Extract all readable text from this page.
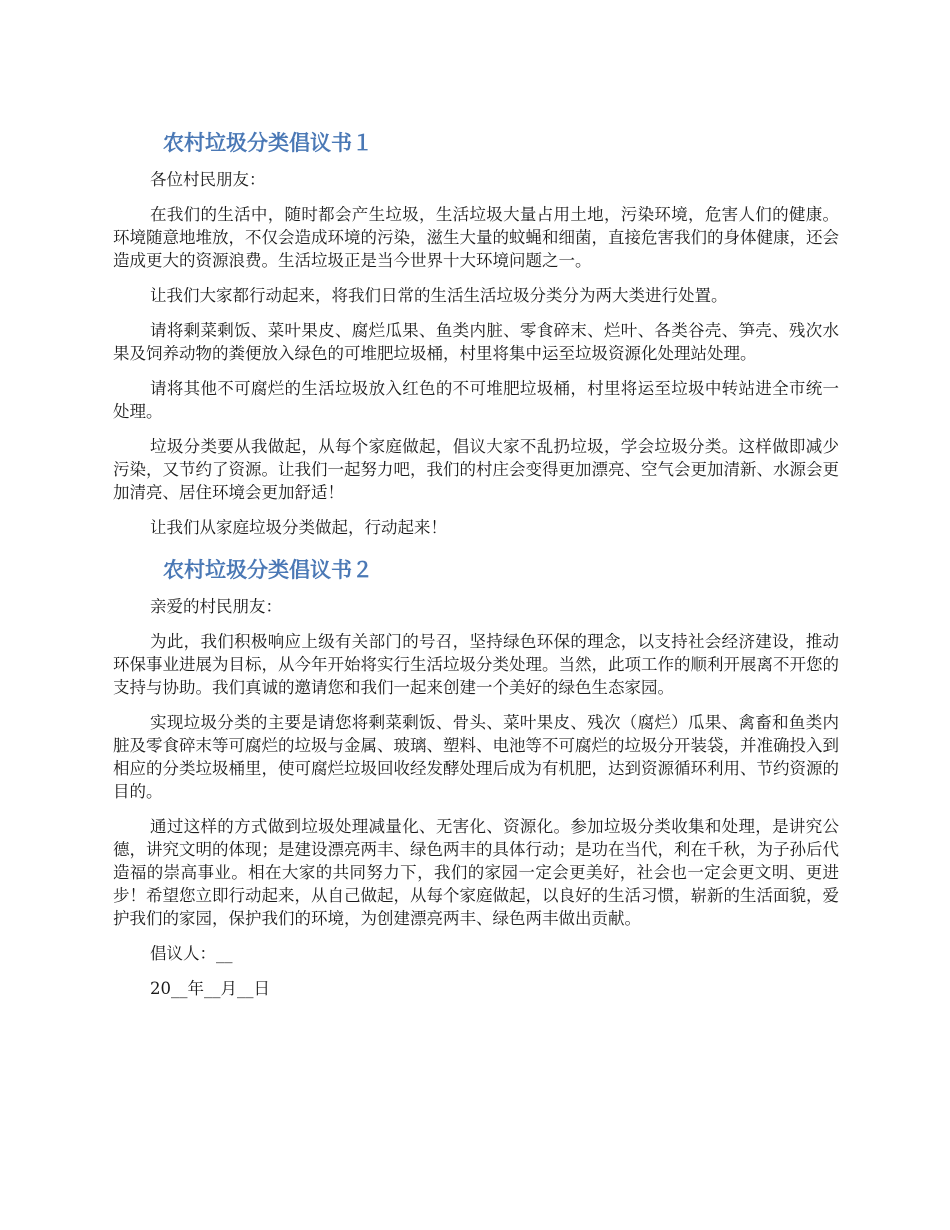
农村垃圾分类倡议书１

各位村民朋友：

在我们的生活中，随时都会产生垃圾，生活垃圾大量占用土地，污染环境，危害人们的健康。环境随意地堆放，不仅会造成环境的污染，滋生大量的蚊蝇和细菌，直接危害我们的身体健康，还会造成更大的资源浪费。生活垃圾正是当今世界十大环境问题之一。

让我们大家都行动起来，将我们日常的生活生活垃圾分类分为两大类进行处置。

请将剩菜剩饭、菜叶果皮、腐烂瓜果、鱼类内脏、零食碎末、烂叶、各类谷壳、笋壳、残次水果及饲养动物的粪便放入绿色的可堆肥垃圾桶，村里将集中运至垃圾资源化处理站处理。

请将其他不可腐烂的生活垃圾放入红色的不可堆肥垃圾桶，村里将运至垃圾中转站进全市统一处理。

垃圾分类要从我做起，从每个家庭做起，倡议大家不乱扔垃圾，学会垃圾分类。这样做即减少污染，又节约了资源。让我们一起努力吧，我们的村庄会变得更加漂亮、空气会更加清新、水源会更加清亮、居住环境会更加舒适！

让我们从家庭垃圾分类做起，行动起来！

农村垃圾分类倡议书２

亲爱的村民朋友：

为此，我们积极响应上级有关部门的号召，坚持绿色环保的理念，以支持社会经济建设，推动环保事业进展为目标，从今年开始将实行生活垃圾分类处理。当然，此项工作的顺利开展离不开您的支持与协助。我们真诚的邀请您和我们一起来创建一个美好的绿色生态家园。

实现垃圾分类的主要是请您将剩菜剩饭、骨头、菜叶果皮、残次（腐烂）瓜果、禽畜和鱼类内脏及零食碎末等可腐烂的垃圾与金属、玻璃、塑料、电池等不可腐烂的垃圾分开装袋，并准确投入到相应的分类垃圾桶里，使可腐烂垃圾回收经发酵处理后成为有机肥，达到资源循环利用、节约资源的目的。

通过这样的方式做到垃圾处理减量化、无害化、资源化。参加垃圾分类收集和处理，是讲究公德，讲究文明的体现；是建设漂亮两丰、绿色两丰的具体行动；是功在当代，利在千秋，为子孙后代造福的崇高事业。相在大家的共同努力下，我们的家园一定会更美好，社会也一定会更文明、更进步！希望您立即行动起来，从自己做起，从每个家庭做起，以良好的生活习惯，崭新的生活面貌，爱护我们的家园，保护我们的环境，为创建漂亮两丰、绿色两丰做出贡献。

倡议人：__

20__年__月__日
